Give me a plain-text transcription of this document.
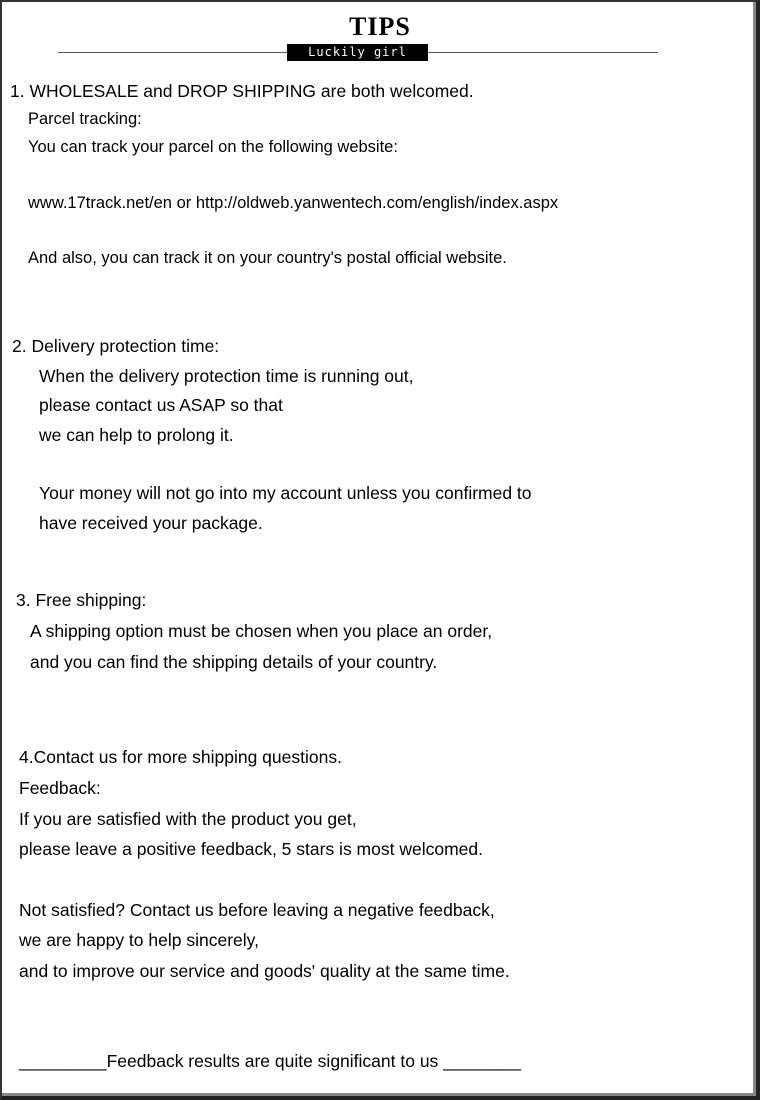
TIPS
Luckily girl

1. WHOLESALE and DROP SHIPPING are both welcomed.

Parcel tracking:

You can track your parcel on the following website:

www.17track.net/en or http://oldweb.yanwentech.com/english/index.aspx

And also, you can track it on your country's postal official website.

2. Delivery protection time:

When the delivery protection time is running out,

please contact us ASAP so that

we can help to prolong it.

Your money will not go into my account unless you confirmed to

have received your package.

3. Free shipping:

A shipping option must be chosen when you place an order,

and you can find the shipping details of your country.

4.Contact us for more shipping questions.

Feedback:

If you are satisfied with the product you get,

please leave a positive feedback, 5 stars is most welcomed.

Not satisfied? Contact us before leaving a negative feedback,

we are happy to help sincerely,

and to improve our service and goods' quality at the same time.

_________Feedback results are quite significant to us ________
